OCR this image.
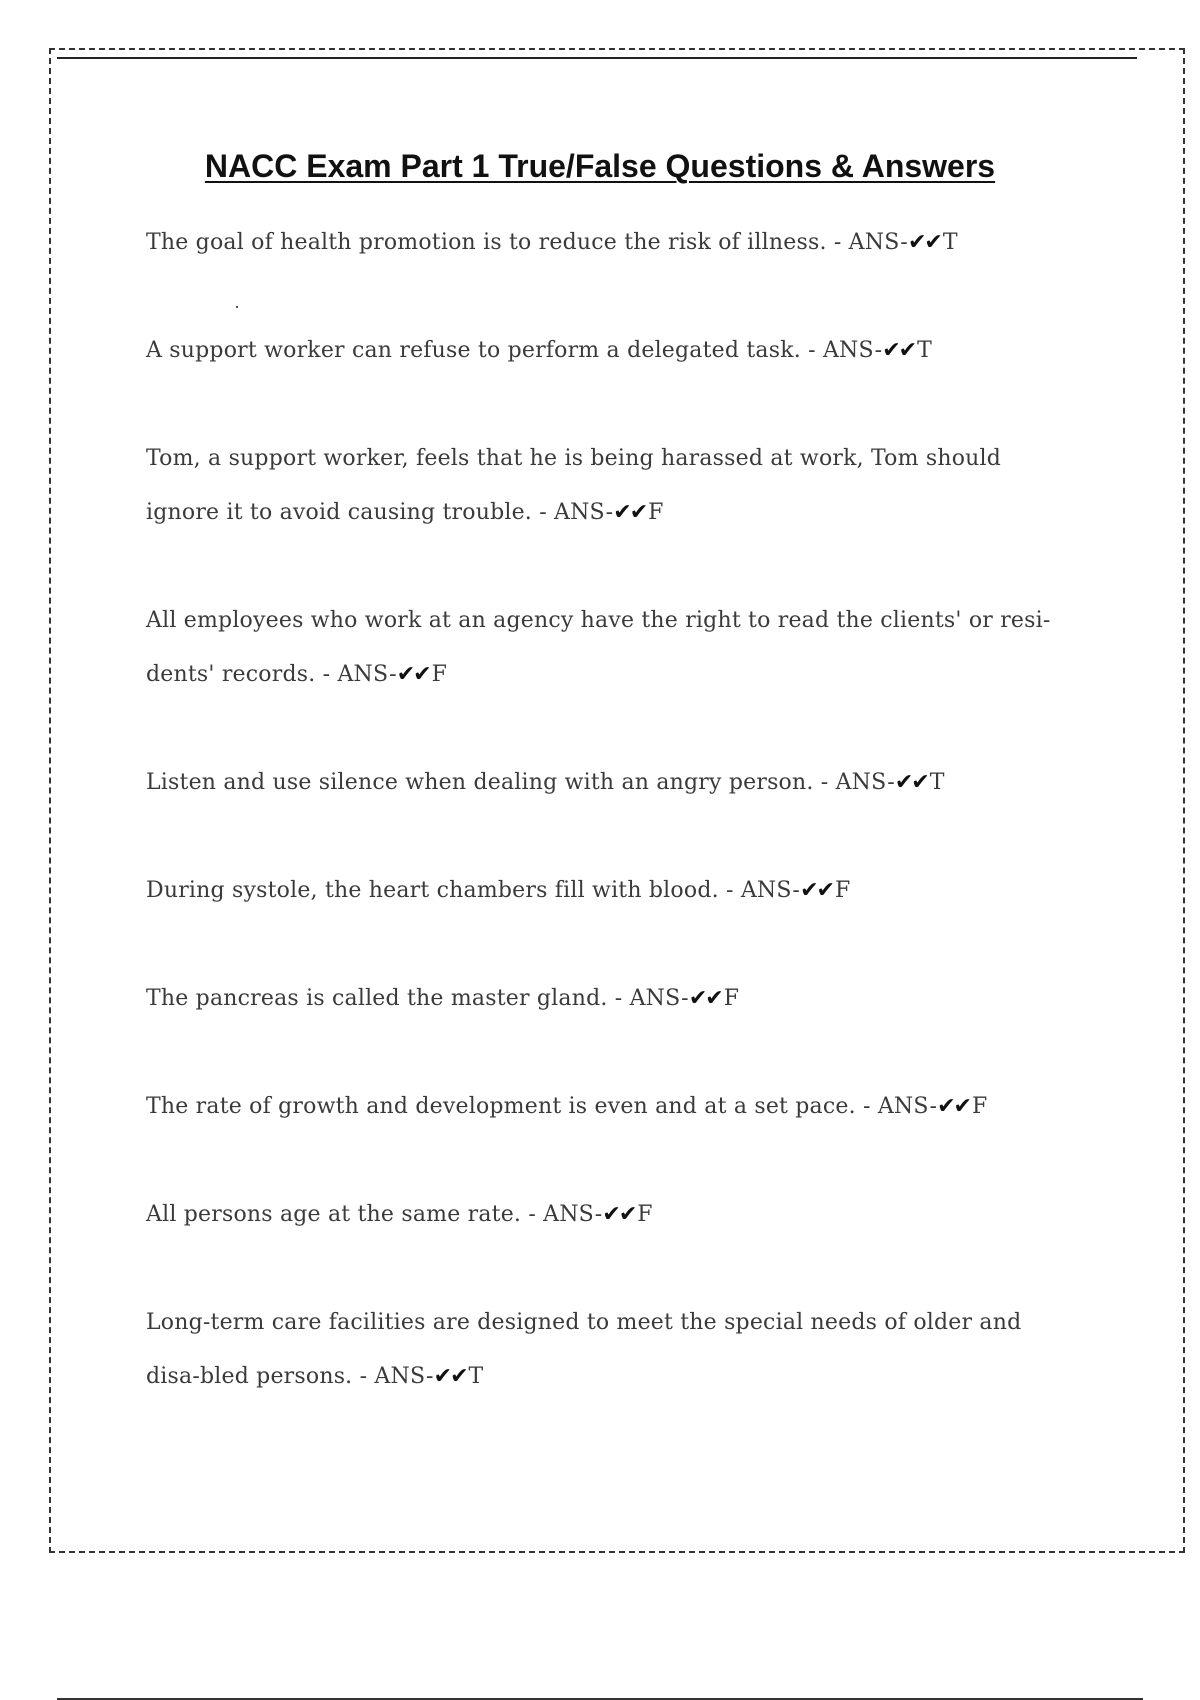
NACC Exam Part 1 True/False Questions & Answers
The goal of health promotion is to reduce the risk of illness. - ANS-✔✔T
A support worker can refuse to perform a delegated task. - ANS-✔✔T
Tom, a support worker, feels that he is being harassed at work, Tom should ignore it to avoid causing trouble. - ANS-✔✔F
All employees who work at an agency have the right to read the clients' or resi-dents' records. - ANS-✔✔F
Listen and use silence when dealing with an angry person. - ANS-✔✔T
During systole, the heart chambers fill with blood. - ANS-✔✔F
The pancreas is called the master gland. - ANS-✔✔F
The rate of growth and development is even and at a set pace. - ANS-✔✔F
All persons age at the same rate. - ANS-✔✔F
Long-term care facilities are designed to meet the special needs of older and disa-bled persons. - ANS-✔✔T
